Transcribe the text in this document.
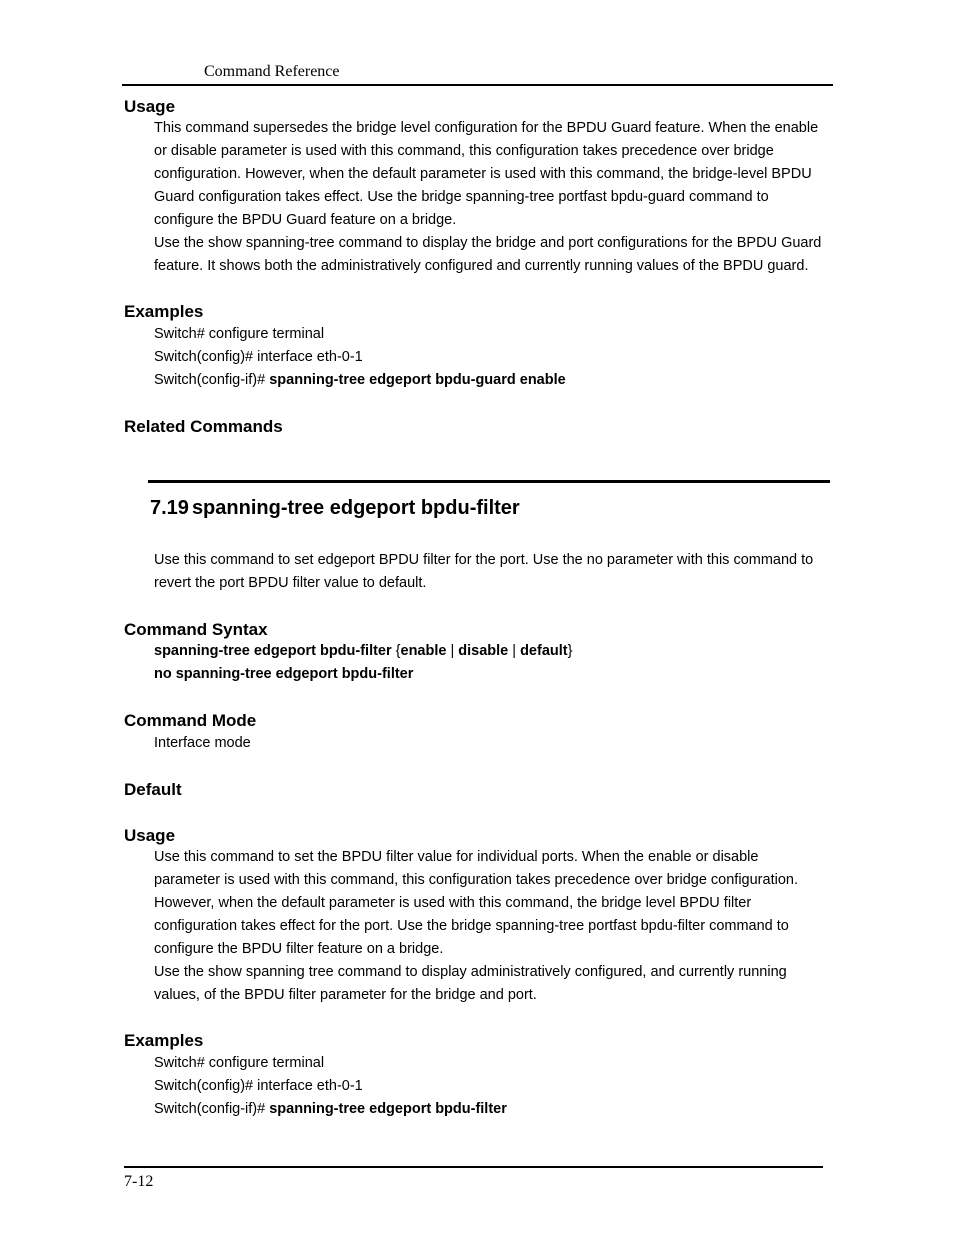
Command Reference
Usage
This command supersedes the bridge level configuration for the BPDU Guard feature. When the enable
or disable parameter is used with this command, this configuration takes precedence over bridge
configuration. However, when the default parameter is used with this command, the bridge-level BPDU
Guard configuration takes effect. Use the bridge spanning-tree portfast bpdu-guard command to
configure the BPDU Guard feature on a bridge.
Use the show spanning-tree command to display the bridge and port configurations for the BPDU Guard
feature. It shows both the administratively configured and currently running values of the BPDU guard.
Examples
Switch# configure terminal
Switch(config)# interface eth-0-1
Switch(config-if)# spanning-tree edgeport bpdu-guard enable
Related Commands
7.19 spanning-tree edgeport bpdu-filter
Use this command to set edgeport BPDU filter for the port. Use the no parameter with this command to
revert the port BPDU filter value to default.
Command Syntax
spanning-tree edgeport bpdu-filter {enable | disable | default}
no spanning-tree edgeport bpdu-filter
Command Mode
Interface mode
Default
Usage
Use this command to set the BPDU filter value for individual ports. When the enable or disable
parameter is used with this command, this configuration takes precedence over bridge configuration.
However, when the default parameter is used with this command, the bridge level BPDU filter
configuration takes effect for the port. Use the bridge spanning-tree portfast bpdu-filter command to
configure the BPDU filter feature on a bridge.
Use the show spanning tree command to display administratively configured, and currently running
values, of the BPDU filter parameter for the bridge and port.
Examples
Switch# configure terminal
Switch(config)# interface eth-0-1
Switch(config-if)# spanning-tree edgeport bpdu-filter
7-12
